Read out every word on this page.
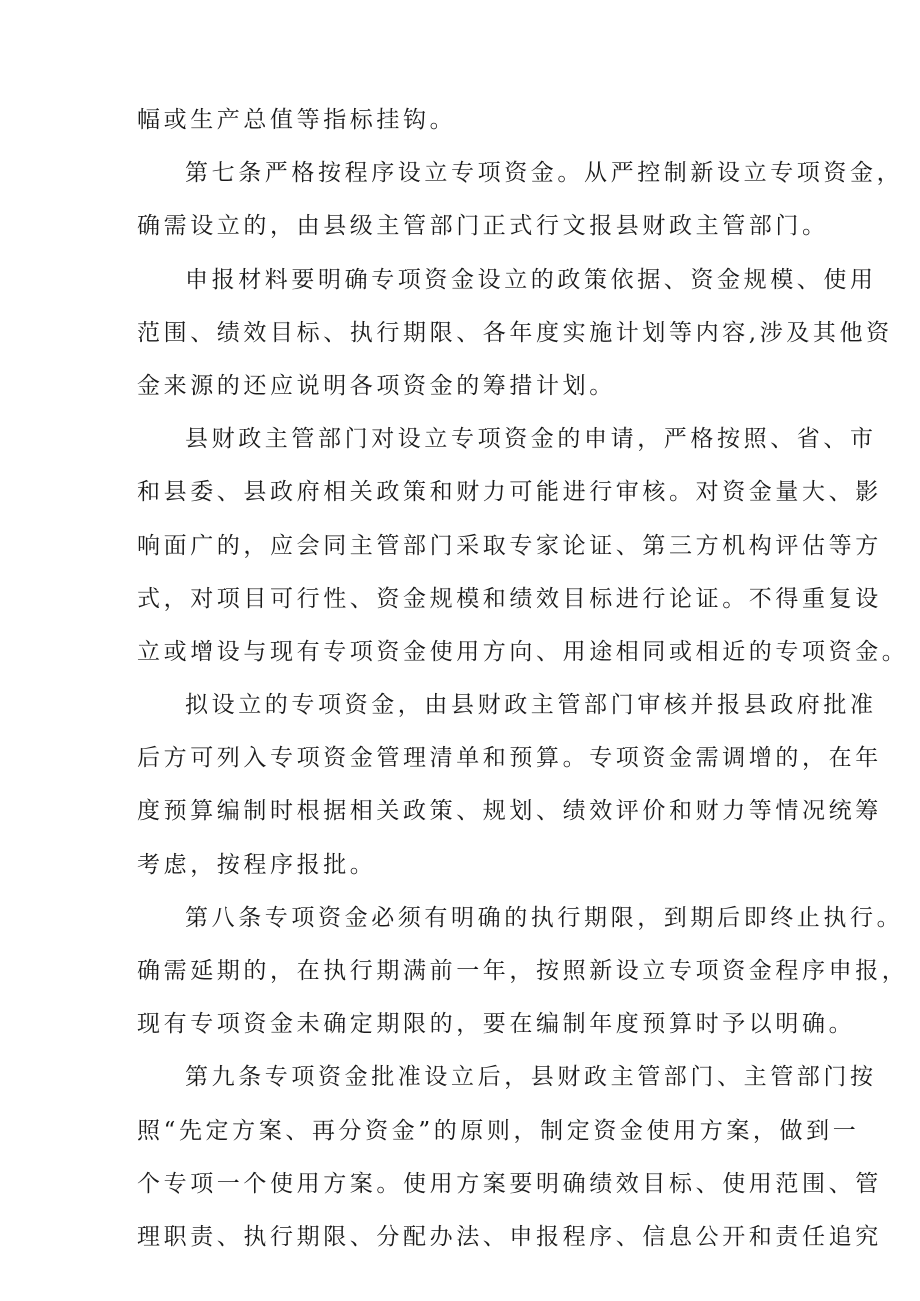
幅或生产总值等指标挂钩。
第七条严格按程序设立专项资金。从严控制新设立专项资金，
确需设立的，由县级主管部门正式行文报县财政主管部门。
申报材料要明确专项资金设立的政策依据、资金规模、使用
范围、绩效目标、执行期限、各年度实施计划等内容,涉及其他资
金来源的还应说明各项资金的筹措计划。
县财政主管部门对设立专项资金的申请，严格按照、省、市
和县委、县政府相关政策和财力可能进行审核。对资金量大、影
响面广的，应会同主管部门采取专家论证、第三方机构评估等方
式，对项目可行性、资金规模和绩效目标进行论证。不得重复设
立或增设与现有专项资金使用方向、用途相同或相近的专项资金。
拟设立的专项资金，由县财政主管部门审核并报县政府批准
后方可列入专项资金管理清单和预算。专项资金需调增的，在年
度预算编制时根据相关政策、规划、绩效评价和财力等情况统筹
考虑，按程序报批。
第八条专项资金必须有明确的执行期限，到期后即终止执行。
确需延期的，在执行期满前一年，按照新设立专项资金程序申报，
现有专项资金未确定期限的，要在编制年度预算时予以明确。
第九条专项资金批准设立后，县财政主管部门、主管部门按
照“先定方案、再分资金”的原则，制定资金使用方案，做到一
个专项一个使用方案。使用方案要明确绩效目标、使用范围、管
理职责、执行期限、分配办法、申报程序、信息公开和责任追究
